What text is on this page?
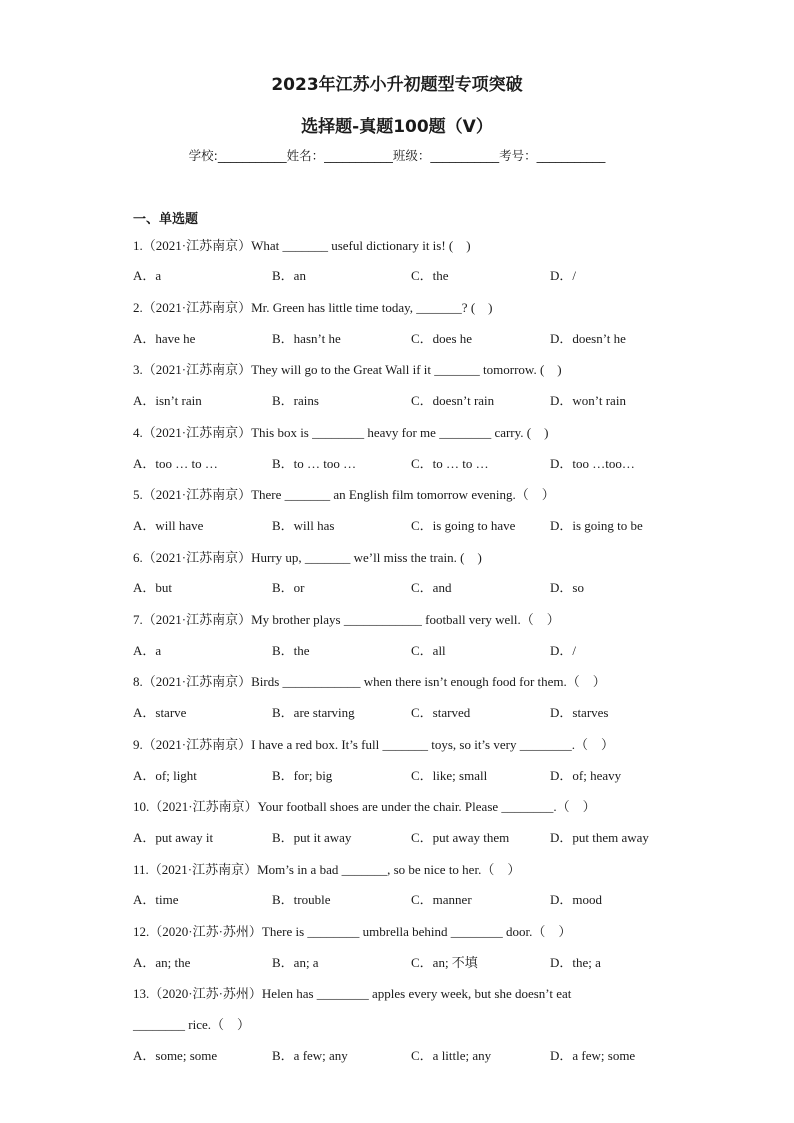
2023年江苏小升初题型专项突破
选择题-真题100题（V）
学校:___________姓名：___________班级：___________考号：___________
一、单选题
1.（2021·江苏南京）What _______ useful dictionary it is! (　)
A．a	B．an	C．the	D．/
2.（2021·江苏南京）Mr. Green has little time today, _______? (　)
A．have he	B．hasn’t he	C．does he	D．doesn’t he
3.（2021·江苏南京）They will go to the Great Wall if it _______ tomorrow. (　)
A．isn’t rain	B．rains	C．doesn’t rain	D．won’t rain
4.（2021·江苏南京）This box is ________ heavy for me ________ carry. (　)
A．too … to …	B．to … too …	C．to … to …	D．too …too…
5.（2021·江苏南京）There _______ an English film tomorrow evening.（　）
A．will have	B．will has	C．is going to have	D．is going to be
6.（2021·江苏南京）Hurry up, _______ we’ll miss the train. (　)
A．but	B．or	C．and	D．so
7.（2021·江苏南京）My brother plays ____________ football very well.（　）
A．a	B．the	C．all	D．/
8.（2021·江苏南京）Birds ____________ when there isn’t enough food for them.（　）
A．starve	B．are starving	C．starved	D．starves
9.（2021·江苏南京）I have a red box. It’s full _______ toys, so it’s very ________.（　）
A．of; light	B．for; big	C．like; small	D．of; heavy
10.（2021·江苏南京）Your football shoes are under the chair. Please ________.（　）
A．put away it	B．put it away	C．put away them	D．put them away
11.（2021·江苏南京）Mom’s in a bad _______, so be nice to her.（　）
A．time	B．trouble	C．manner	D．mood
12.（2020·江苏·苏州）There is ________ umbrella behind ________ door.（　）
A．an; the	B．an; a	C．an; 不填	D．the; a
13.（2020·江苏·苏州）Helen has ________ apples every week, but she doesn’t eat
________ rice.（　）
A．some; some	B．a few; any	C．a little; any	D．a few; some
